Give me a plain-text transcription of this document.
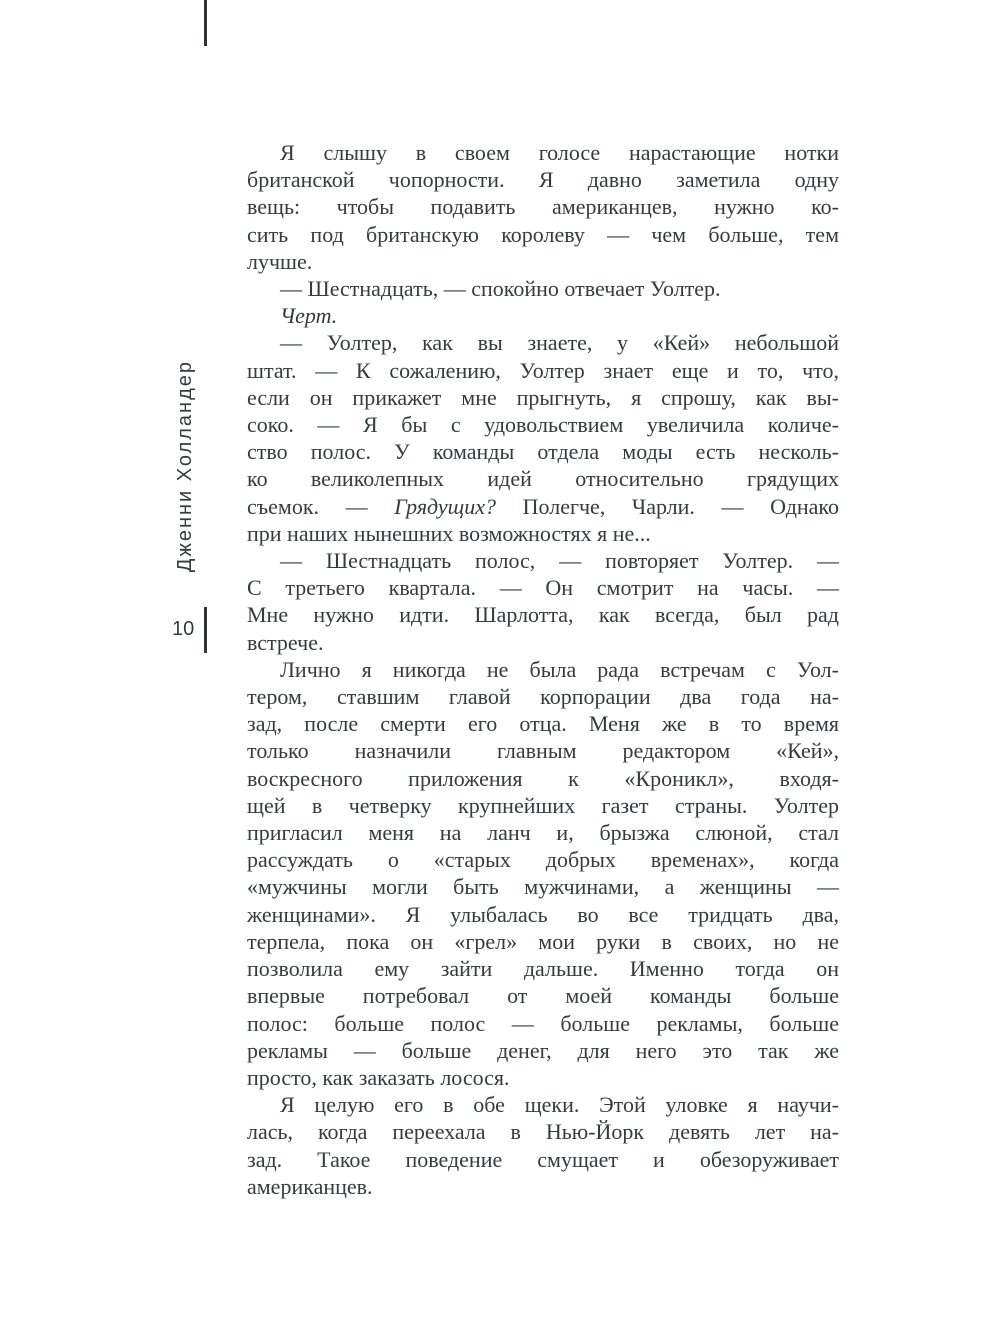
Дженни Холландер
10
Я слышу в своем голосе нарастающие нотки
британской чопорности. Я давно заметила одну
вещь: чтобы подавить американцев, нужно ко-
сить под британскую королеву — чем больше, тем
лучше.
— Шестнадцать, — спокойно отвечает Уолтер.
Черт.
— Уолтер, как вы знаете, у «Кей» небольшой
штат. — К сожалению, Уолтер знает еще и то, что,
если он прикажет мне прыгнуть, я спрошу, как вы-
соко. — Я бы с удовольствием увеличила количе-
ство полос. У команды отдела моды есть несколь-
ко великолепных идей относительно грядущих
съемок. — Грядущих? Полегче, Чарли. — Однако
при наших нынешних возможностях я не...
— Шестнадцать полос, — повторяет Уолтер. —
С третьего квартала. — Он смотрит на часы. —
Мне нужно идти. Шарлотта, как всегда, был рад
встрече.
Лично я никогда не была рада встречам с Уол-
тером, ставшим главой корпорации два года на-
зад, после смерти его отца. Меня же в то время
только назначили главным редактором «Кей»,
воскресного приложения к «Кроникл», входя-
щей в четверку крупнейших газет страны. Уолтер
пригласил меня на ланч и, брызжа слюной, стал
рассуждать о «старых добрых временах», когда
«мужчины могли быть мужчинами, а женщины —
женщинами». Я улыбалась во все тридцать два,
терпела, пока он «грел» мои руки в своих, но не
позволила ему зайти дальше. Именно тогда он
впервые потребовал от моей команды больше
полос: больше полос — больше рекламы, больше
рекламы — больше денег, для него это так же
просто, как заказать лосося.
Я целую его в обе щеки. Этой уловке я научи-
лась, когда переехала в Нью-Йорк девять лет на-
зад. Такое поведение смущает и обезоруживает
американцев.
